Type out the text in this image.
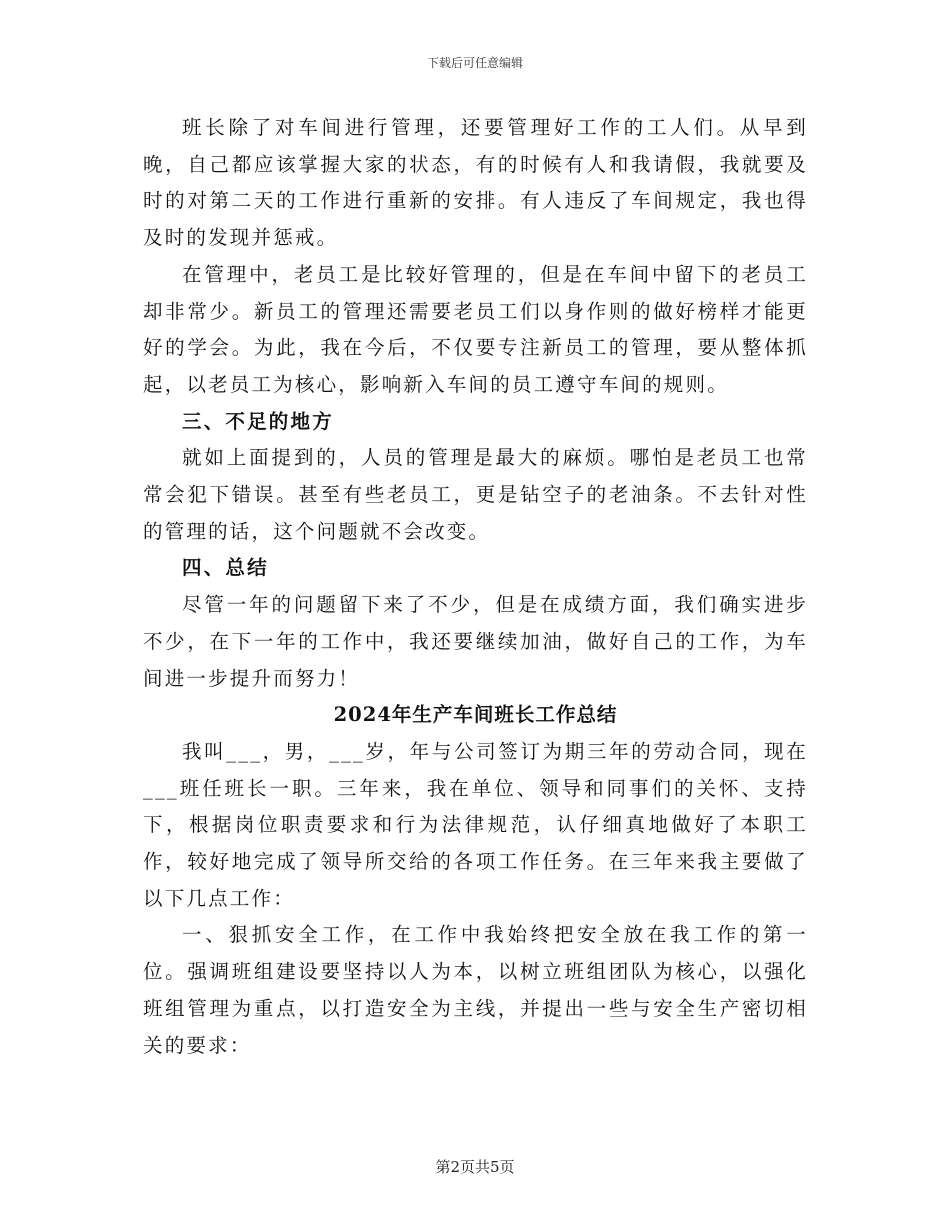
下载后可任意编辑

班长除了对车间进行管理，还要管理好工作的工人们。从早到晚，自己都应该掌握大家的状态，有的时候有人和我请假，我就要及时的对第二天的工作进行重新的安排。有人违反了车间规定，我也得及时的发现并惩戒。

在管理中，老员工是比较好管理的，但是在车间中留下的老员工却非常少。新员工的管理还需要老员工们以身作则的做好榜样才能更好的学会。为此，我在今后，不仅要专注新员工的管理，要从整体抓起，以老员工为核心，影响新入车间的员工遵守车间的规则。

三、不足的地方

就如上面提到的，人员的管理是最大的麻烦。哪怕是老员工也常常会犯下错误。甚至有些老员工，更是钻空子的老油条。不去针对性的管理的话，这个问题就不会改变。

四、总结

尽管一年的问题留下来了不少，但是在成绩方面，我们确实进步不少，在下一年的工作中，我还要继续加油，做好自己的工作，为车间进一步提升而努力！

2024年生产车间班长工作总结

我叫___，男，___岁，年与公司签订为期三年的劳动合同，现在___班任班长一职。三年来，我在单位、领导和同事们的关怀、支持下，根据岗位职责要求和行为法律规范，认仔细真地做好了本职工作，较好地完成了领导所交给的各项工作任务。在三年来我主要做了以下几点工作：

一、狠抓安全工作，在工作中我始终把安全放在我工作的第一位。强调班组建设要坚持以人为本，以树立班组团队为核心，以强化班组管理为重点，以打造安全为主线，并提出一些与安全生产密切相关的要求：

第2页共5页
